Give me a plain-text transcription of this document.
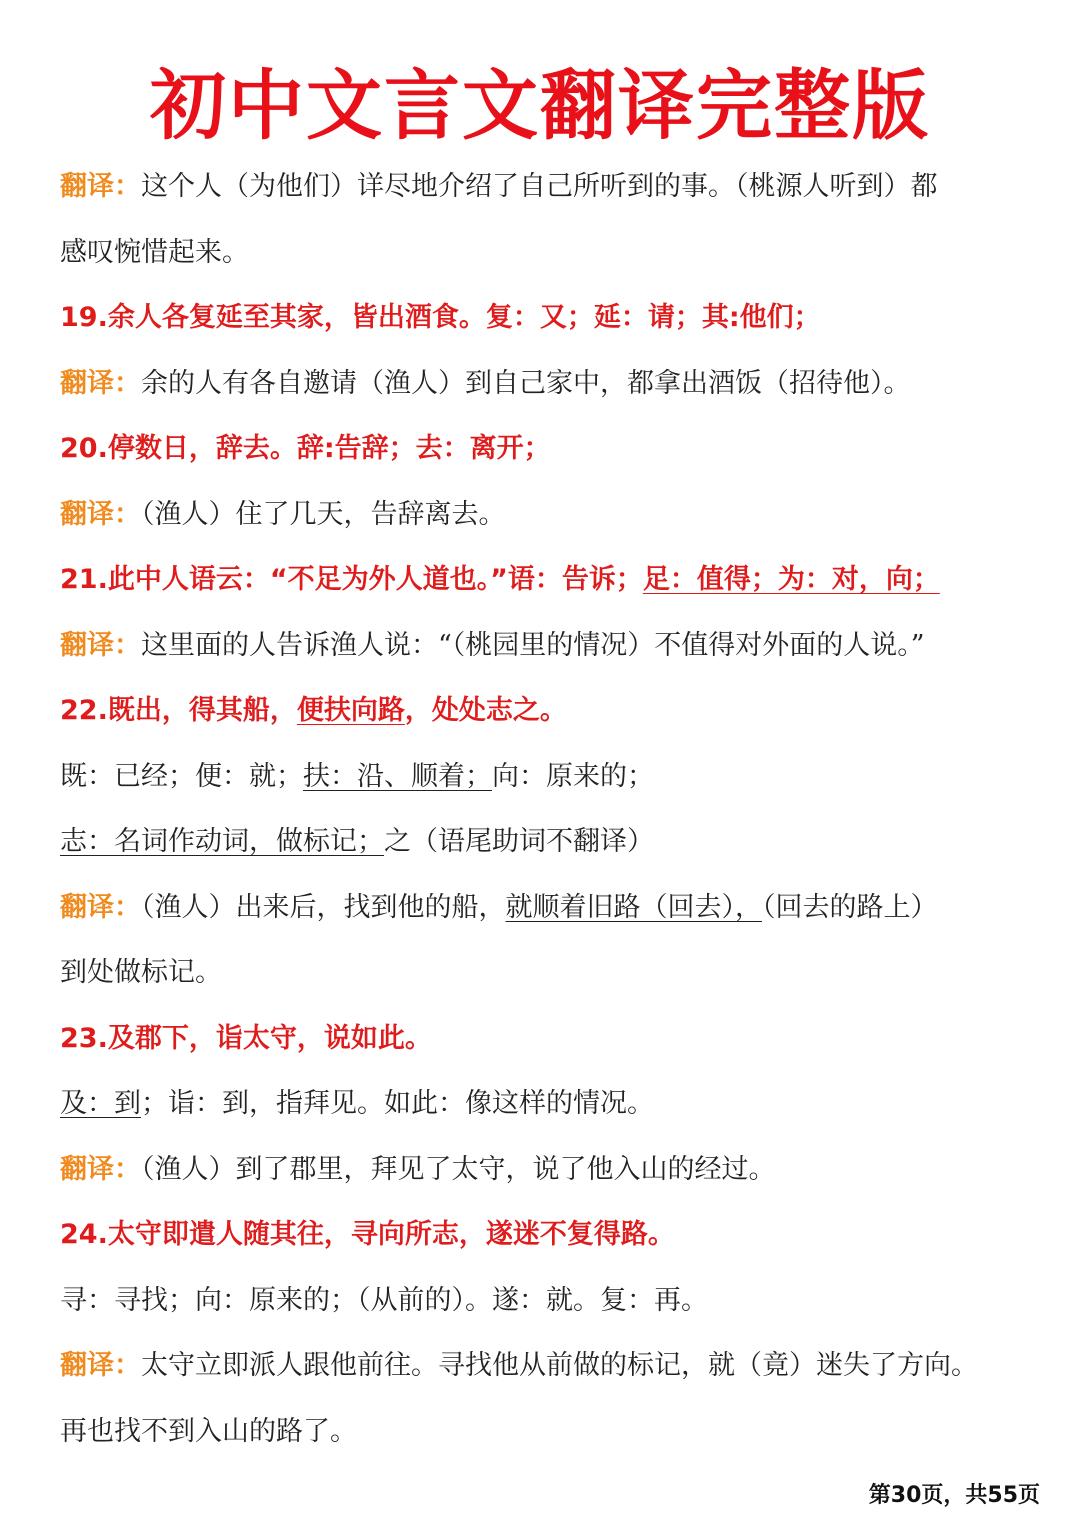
初中文言文翻译完整版
翻译：这个人（为他们）详尽地介绍了自己所听到的事。（桃源人听到）都
感叹惋惜起来。
19.余人各复延至其家，皆出酒食。复：又；延：请；其:他们；
翻译：余的人有各自邀请（渔人）到自己家中，都拿出酒饭（招待他）。
20.停数日，辞去。辞:告辞；去：离开；
翻译：（渔人）住了几天，告辞离去。
21.此中人语云：“不足为外人道也。”语：告诉；足：值得；为：对，向；
翻译：这里面的人告诉渔人说：“（桃园里的情况）不值得对外面的人说。”
22.既出，得其船，便扶向路，处处志之。
既：已经；便：就；扶：沿、顺着；向：原来的；
志：名词作动词，做标记；之（语尾助词不翻译）
翻译：（渔人）出来后，找到他的船，就顺着旧路（回去），（回去的路上）
到处做标记。
23.及郡下，诣太守，说如此。
及：到；诣：到，指拜见。如此：像这样的情况。
翻译：（渔人）到了郡里，拜见了太守，说了他入山的经过。
24.太守即遣人随其往，寻向所志，遂迷不复得路。
寻：寻找；向：原来的；（从前的）。遂：就。复：再。
翻译：太守立即派人跟他前往。寻找他从前做的标记，就（竟）迷失了方向。
再也找不到入山的路了。
第30页，共55页
